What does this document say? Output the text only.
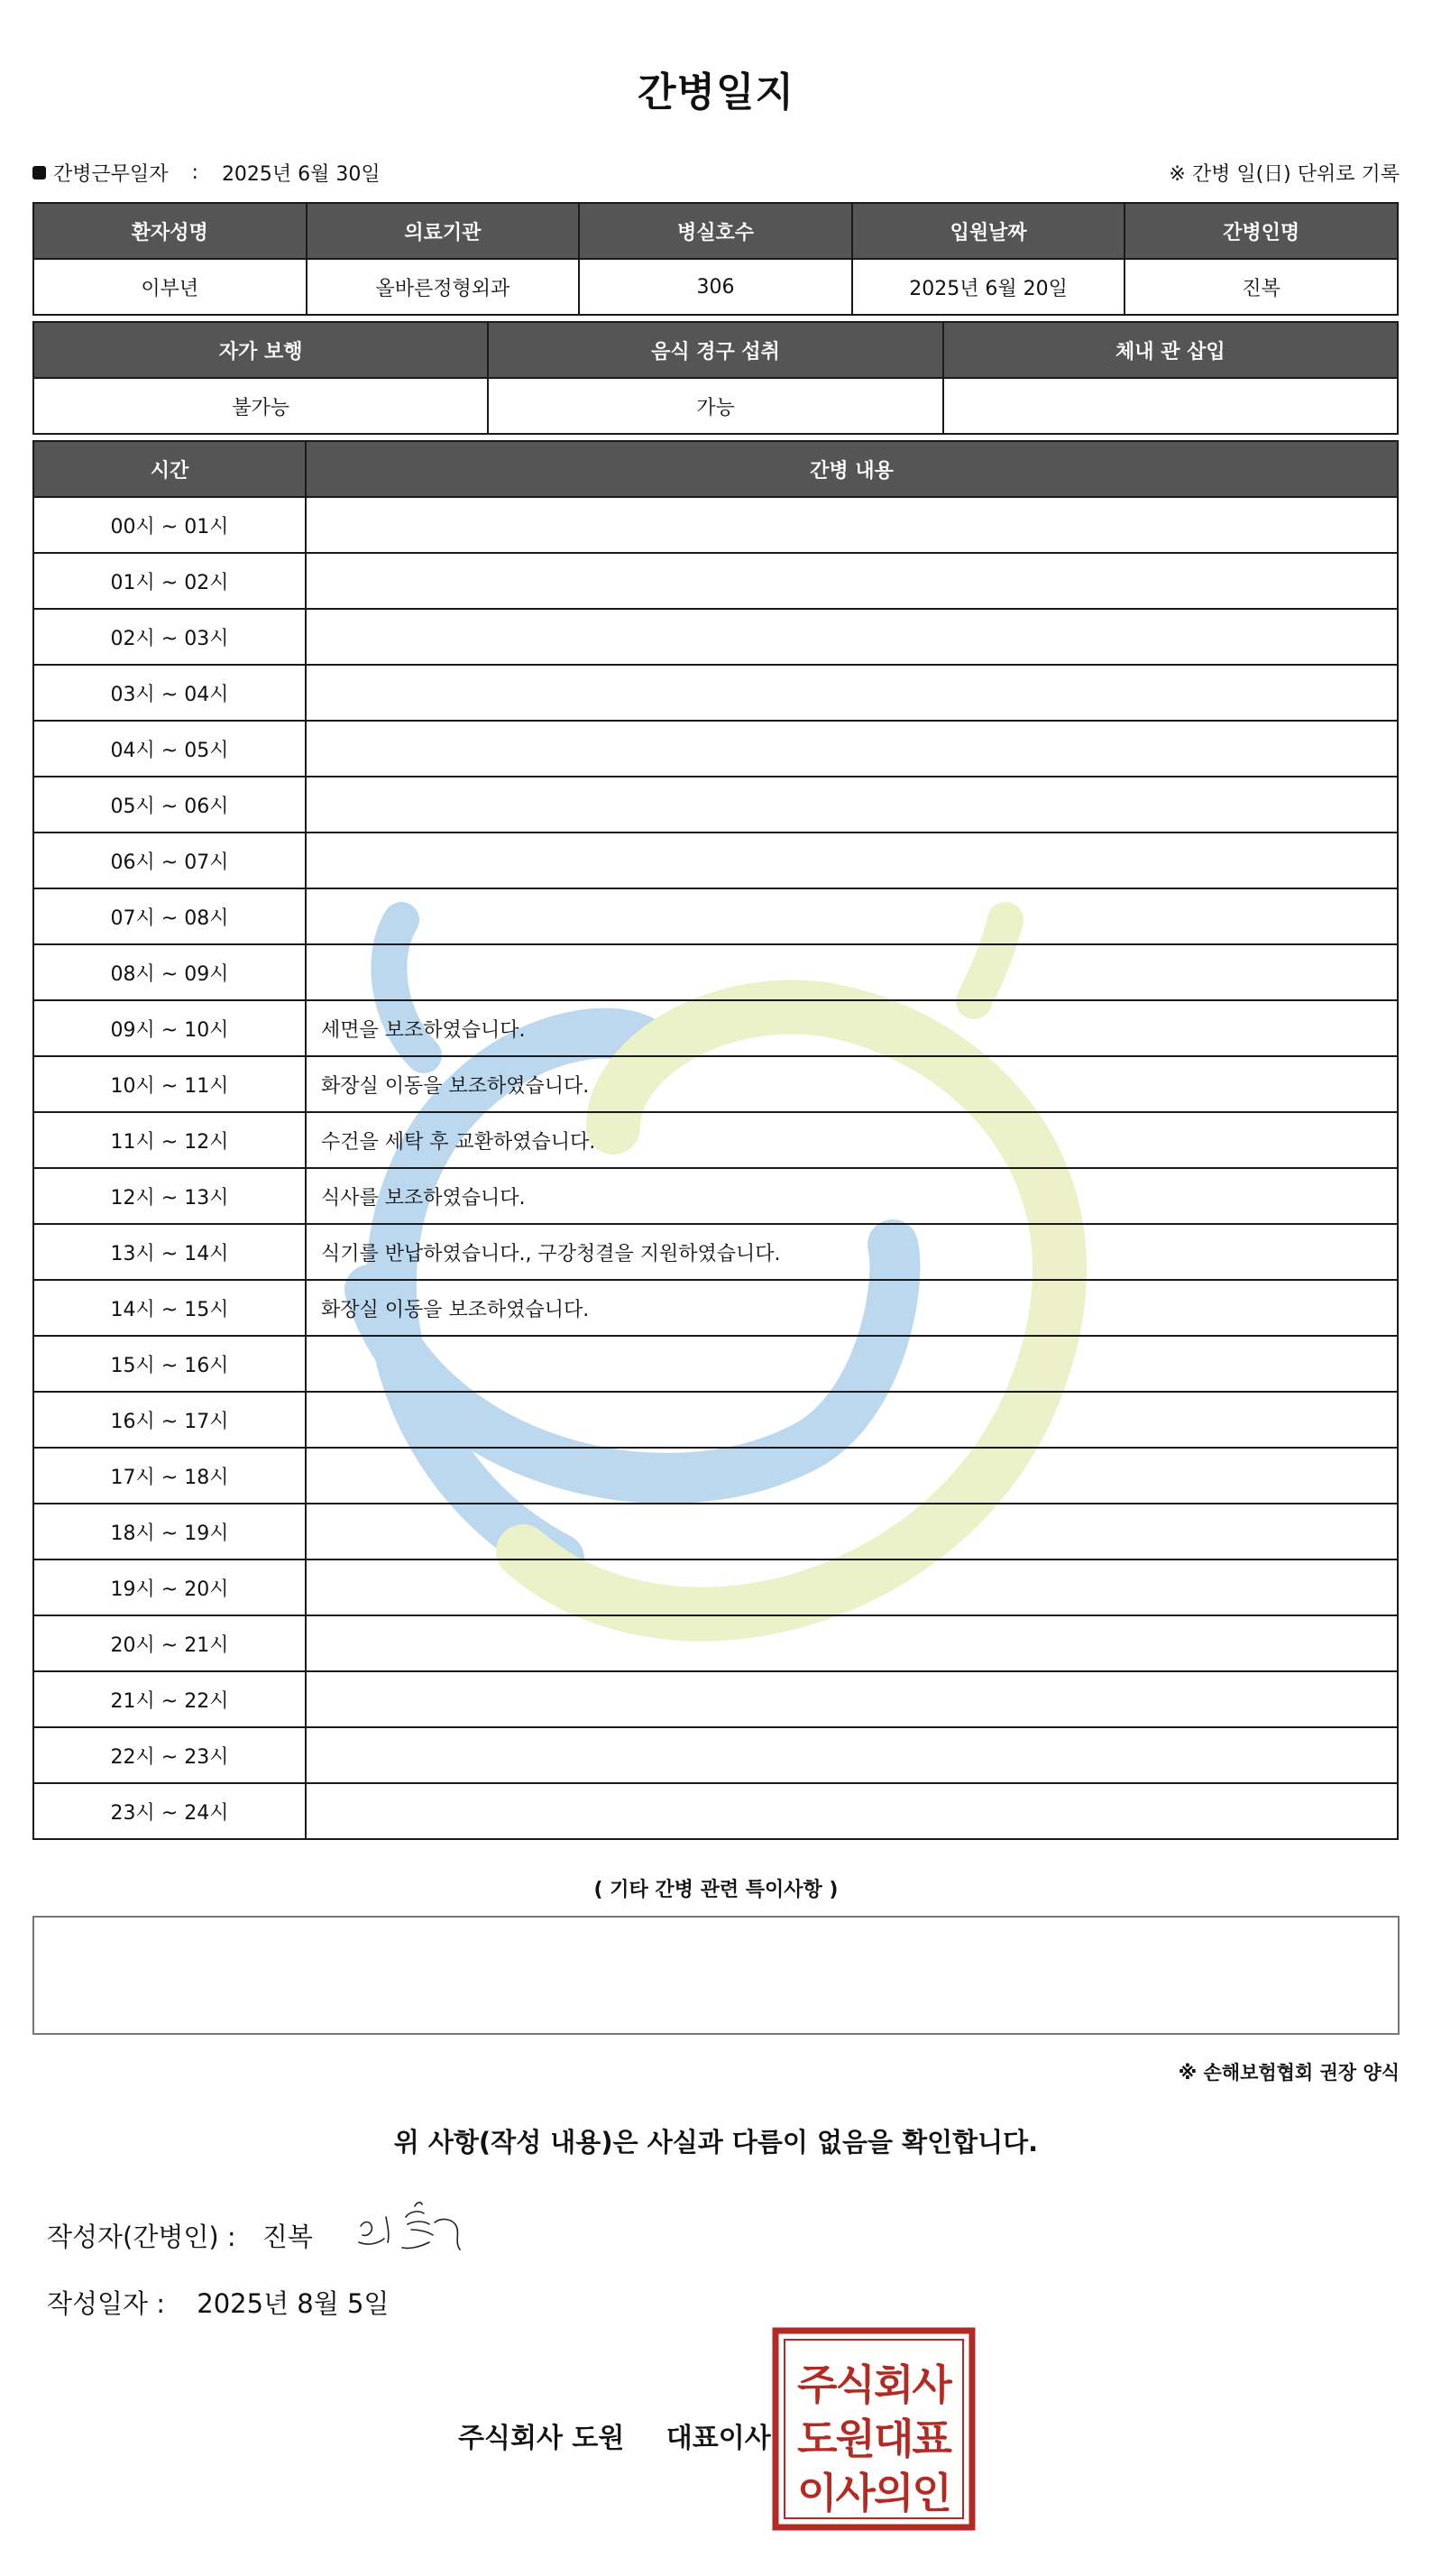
간병일지
간병근무일자 : 2025년 6월 30일	※ 간병 일(日) 단위로 기록
환자성명	의료기관	병실호수	입원날짜	간병인명
이부년	올바른정형외과	306	2025년 6월 20일	진복
자가 보행	음식 경구 섭취	체내 관 삽입
불가능	가능	
시간	간병 내용
00시 ~ 01시	
01시 ~ 02시	
02시 ~ 03시	
03시 ~ 04시	
04시 ~ 05시	
05시 ~ 06시	
06시 ~ 07시	
07시 ~ 08시	
08시 ~ 09시	
09시 ~ 10시	세면을 보조하였습니다.
10시 ~ 11시	화장실 이동을 보조하였습니다.
11시 ~ 12시	수건을 세탁 후 교환하였습니다.
12시 ~ 13시	식사를 보조하였습니다.
13시 ~ 14시	식기를 반납하였습니다., 구강청결을 지원하였습니다.
14시 ~ 15시	화장실 이동을 보조하였습니다.
15시 ~ 16시	
16시 ~ 17시	
17시 ~ 18시	
18시 ~ 19시	
19시 ~ 20시	
20시 ~ 21시	
21시 ~ 22시	
22시 ~ 23시	
23시 ~ 24시	
( 기타 간병 관련 특이사항 )
※ 손해보험협회 권장 양식
위 사항(작성 내용)은 사실과 다름이 없음을 확인합니다.
작성자(간병인) : 진복
작성일자 : 2025년 8월 5일
주식회사 도원 대표이사
주식회사
도원대표
이사의인
